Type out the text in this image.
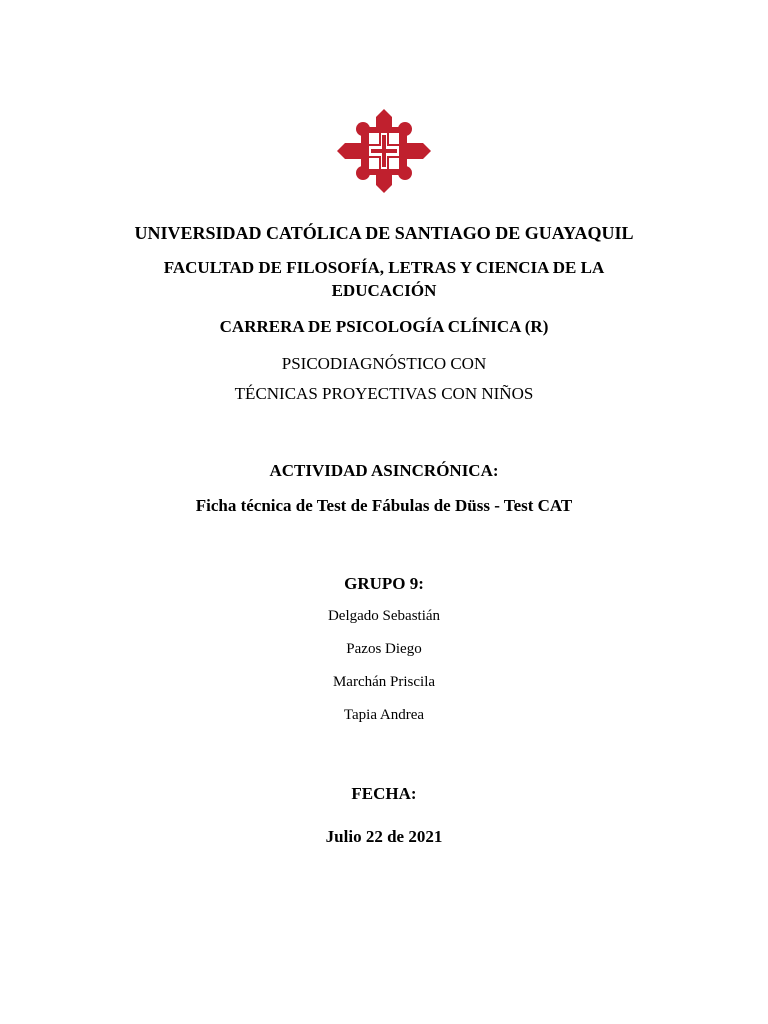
UNIVERSIDAD CATÓLICA DE SANTIAGO DE GUAYAQUIL
FACULTAD DE FILOSOFÍA, LETRAS Y CIENCIA DE LA
EDUCACIÓN
CARRERA DE PSICOLOGÍA CLÍNICA (R)
PSICODIAGNÓSTICO CON
TÉCNICAS PROYECTIVAS CON NIÑOS
ACTIVIDAD ASINCRÓNICA:
Ficha técnica de Test de Fábulas de Düss - Test CAT
GRUPO 9:
Delgado Sebastián
Pazos Diego
Marchán Priscila
Tapia Andrea
FECHA:
Julio 22 de 2021
